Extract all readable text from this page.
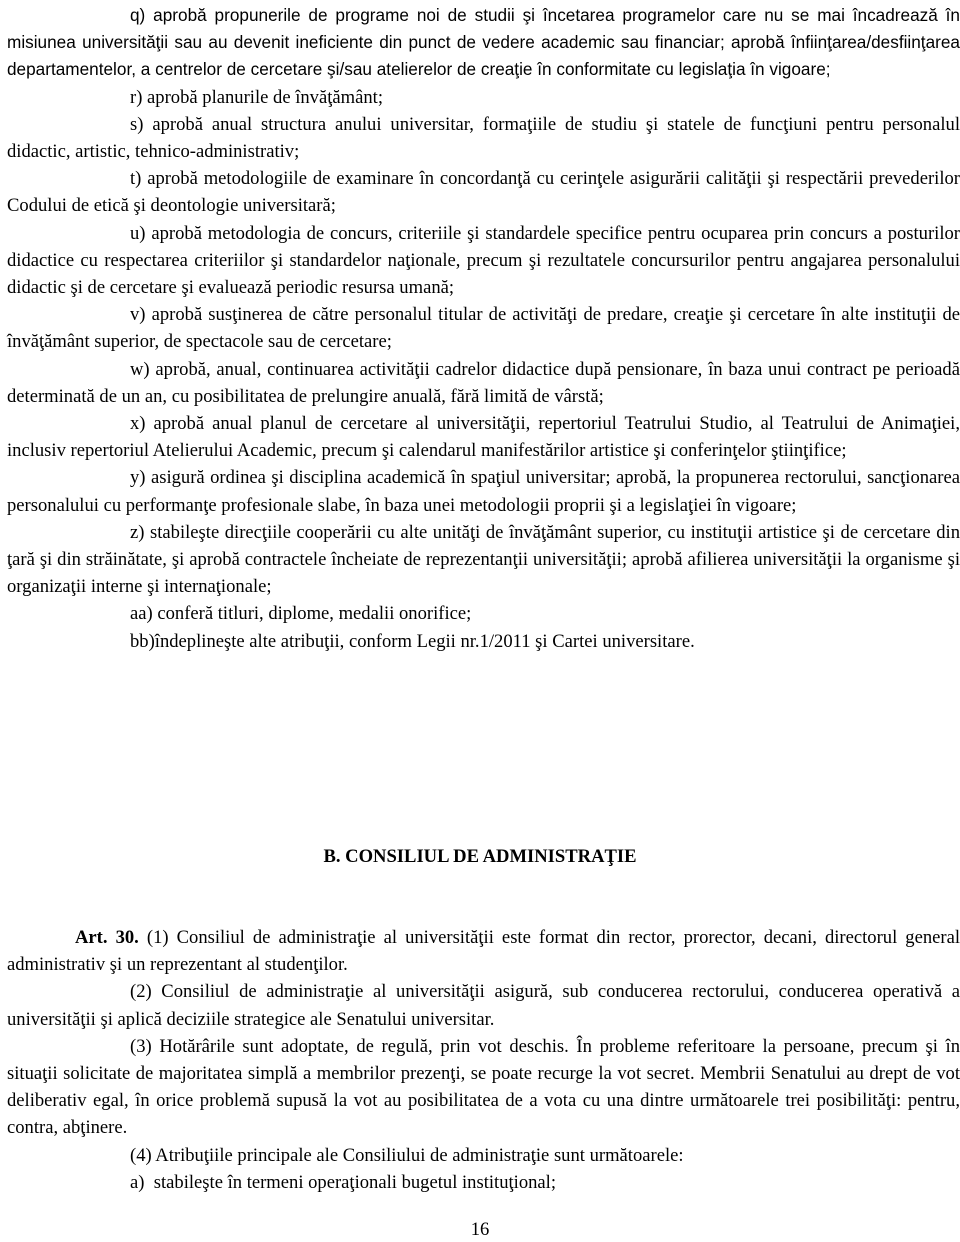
q) aprobă propunerile de programe noi de studii şi încetarea programelor care nu se mai încadrează în misiunea universităţii sau au devenit ineficiente din punct de vedere academic sau financiar; aprobă înfiinţarea/desfiinţarea departamentelor, a centrelor de cercetare şi/sau atelierelor de creaţie în conformitate cu legislaţia în vigoare;

r) aprobă planurile de învăţământ;

s) aprobă anual structura anului universitar, formaţiile de studiu şi statele de funcţiuni pentru personalul didactic, artistic, tehnico-administrativ;

t) aprobă metodologiile de examinare în concordanţă cu cerinţele asigurării calităţii şi respectării prevederilor Codului de etică şi deontologie universitară;

u) aprobă metodologia de concurs, criteriile şi standardele specifice pentru ocuparea prin concurs a posturilor didactice cu respectarea criteriilor şi standardelor naţionale, precum şi rezultatele concursurilor pentru angajarea personalului didactic şi de cercetare şi evaluează periodic resursa umană;

v) aprobă susţinerea de către personalul titular de activităţi de predare, creaţie şi cercetare în alte instituţii de învăţământ superior, de spectacole sau de cercetare;

w) aprobă, anual, continuarea activităţii cadrelor didactice după pensionare, în baza unui contract pe perioadă determinată de un an, cu posibilitatea de prelungire anuală, fără limită de vârstă;

x) aprobă anual planul de cercetare al universităţii, repertoriul Teatrului Studio, al Teatrului de Animaţiei, inclusiv repertoriul Atelierului Academic, precum şi calendarul manifestărilor artistice şi conferinţelor ştiinţifice;

y) asigură ordinea şi disciplina academică în spaţiul universitar; aprobă, la propunerea rectorului, sancţionarea personalului cu performanţe profesionale slabe, în baza unei metodologii proprii şi a legislaţiei în vigoare;

z) stabileşte direcţiile cooperării cu alte unităţi de învăţământ superior, cu instituţii artistice şi de cercetare din ţară şi din străinătate, şi aprobă contractele încheiate de reprezentanţii universităţii; aprobă afilierea universităţii la organisme şi organizaţii interne şi internaţionale;

aa) conferă titluri, diplome, medalii onorifice;

bb)îndeplineşte alte atribuţii, conform Legii nr.1/2011 şi Cartei universitare.

B. CONSILIUL DE ADMINISTRAŢIE

Art. 30. (1) Consiliul de administraţie al universităţii este format din rector, prorector, decani, directorul general administrativ şi un reprezentant al studenţilor.

(2) Consiliul de administraţie al universităţii asigură, sub conducerea rectorului, conducerea operativă a universităţii şi aplică deciziile strategice ale Senatului universitar.

(3) Hotărârile sunt adoptate, de regulă, prin vot deschis. În probleme referitoare la persoane, precum şi în situaţii solicitate de majoritatea simplă a membrilor prezenţi, se poate recurge la vot secret. Membrii Senatului au drept de vot deliberativ egal, în orice problemă supusă la vot au posibilitatea de a vota cu una dintre următoarele trei posibilităţi: pentru, contra, abţinere.

(4) Atribuţiile principale ale Consiliului de administraţie sunt următoarele:

a) stabileşte în termeni operaţionali bugetul instituţional;

16
